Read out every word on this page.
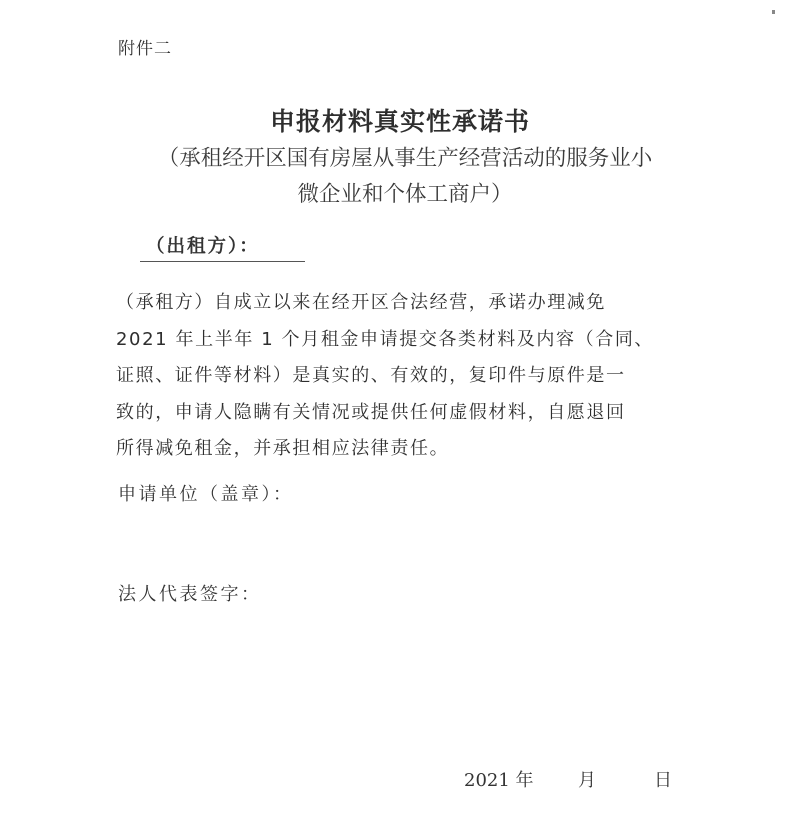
附件二
申报材料真实性承诺书
（承租经开区国有房屋从事生产经营活动的服务业小
微企业和个体工商户）
（出租方）：
（承租方）自成立以来在经开区合法经营，承诺办理减免
2021 年上半年 1 个月租金申请提交各类材料及内容（合同、
证照、证件等材料）是真实的、有效的，复印件与原件是一
致的，申请人隐瞒有关情况或提供任何虚假材料，自愿退回
所得减免租金，并承担相应法律责任。
申请单位（盖章）：
法人代表签字：
2021 年 月	日
